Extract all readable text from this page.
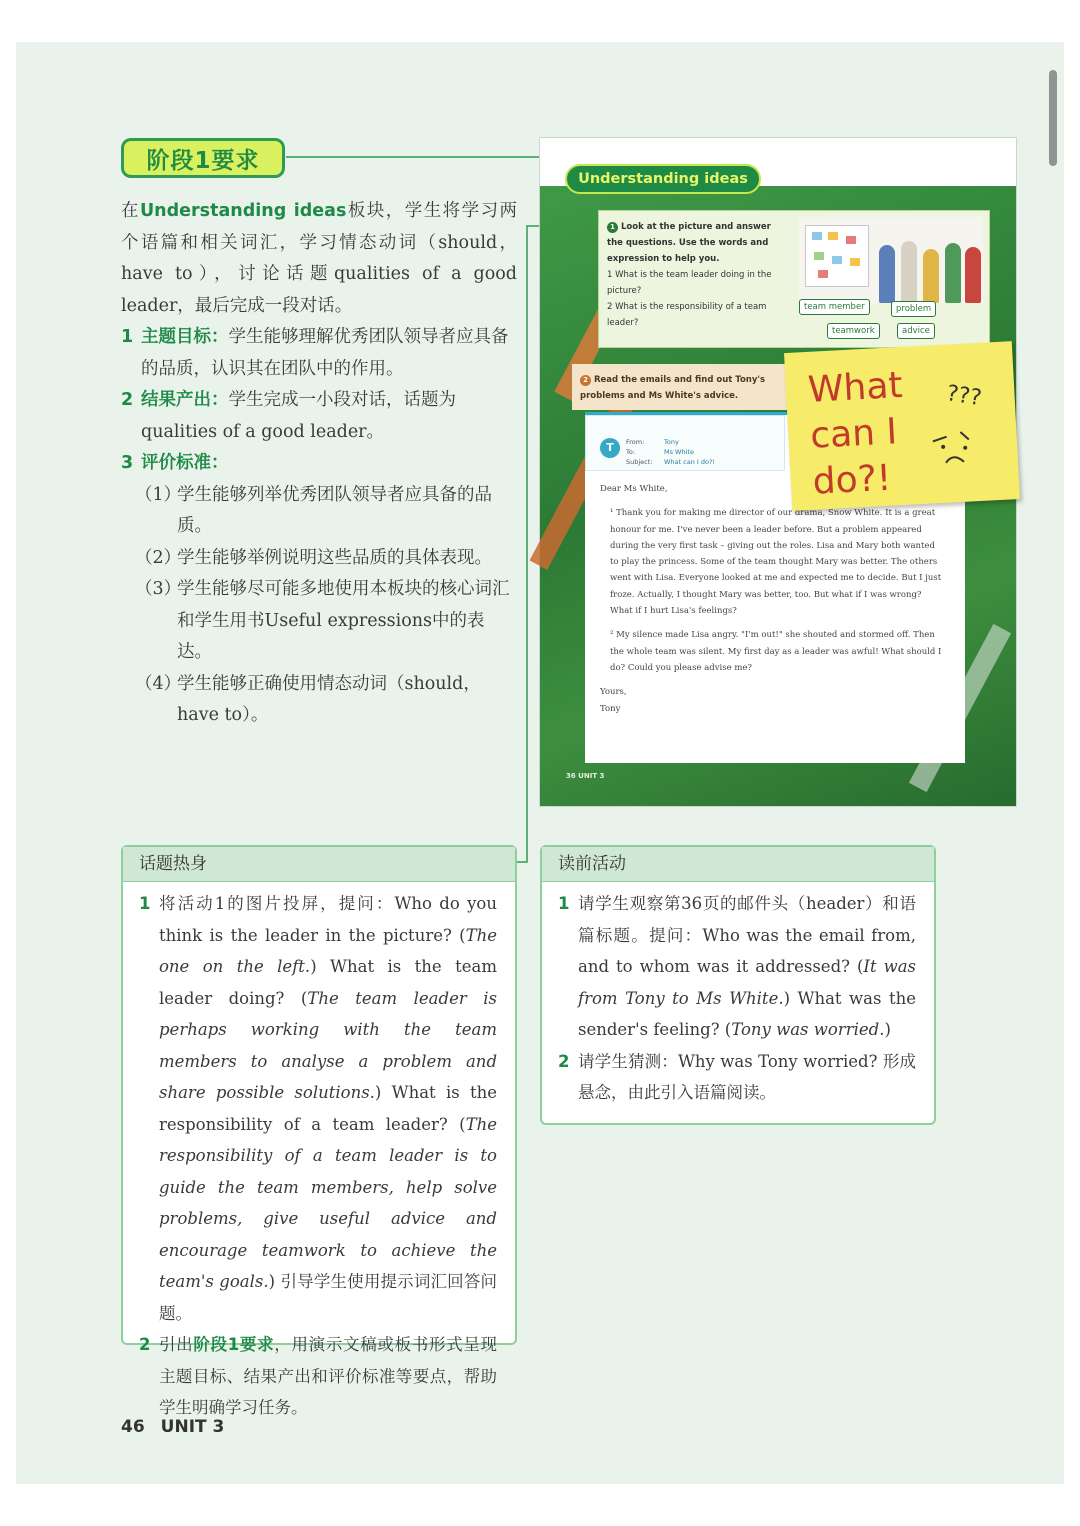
阶段1要求

在Understanding ideas板块，学生将学习两个语篇和相关词汇，学习情态动词（should，have to），讨论话题qualities of a good leader，最后完成一段对话。

1 主题目标：学生能够理解优秀团队领导者应具备的品质，认识其在团队中的作用。
2 结果产出：学生完成一小段对话，话题为qualities of a good leader。
3 评价标准：
（1）
学生能够列举优秀团队领导者应具备的品质。
（2）
学生能够举例说明这些品质的具体表现。
（3）
学生能够尽可能多地使用本板块的核心词汇和学生用书Useful expressions中的表达。
（4）
学生能够正确使用情态动词（should，have to）。
Understanding ideas
1 Look at the picture and answer the questions. Use the words and expression to help you.
1 What is the team leader doing in the picture?
2 What is the responsibility of a team leader?
team member	problem
teamwork	advice
2 Read the emails and find out Tony's
problems and Ms White's advice.
T	From:	Tony
To:	Ms White
Subject: What can I do?!

Dear Ms White,

¹ Thank you for making me director of our drama, Snow White. It is a great honour for me. I've never been a leader before. But a problem appeared during the very first task – giving out the roles. Lisa and Mary both wanted to play the princess. Some of the team thought Mary was better. The others went with Lisa. Everyone looked at me and expected me to decide. But I just froze. Actually, I thought Mary was better, too. But what if I was wrong? What if I hurt Lisa's feelings?

² My silence made Lisa angry. "I'm out!" she shouted and stormed off. Then the whole team was silent. My first day as a leader was awful! What should I do? Could you please advise me?

Yours,

Tony

36 UNIT 3
What
can I
do?!
???
话题热身
1 将活动1的图片投屏，提问：Who do you think is the leader in the picture? (The one on the left.) What is the team leader doing? (The team leader is perhaps working with the team members to analyse a problem and share possible solutions.) What is the responsibility of a team leader? (The responsibility of a team leader is to guide the team members, help solve problems, give useful advice and encourage teamwork to achieve the team's goals.) 引导学生使用提示词汇回答问题。
2 引出阶段1要求，用演示文稿或板书形式呈现主题目标、结果产出和评价标准等要点，帮助学生明确学习任务。
读前活动
1 请学生观察第36页的邮件头（header）和语篇标题。提问：Who was the email from, and to whom was it addressed? (It was from Tony to Ms White.) What was the sender's feeling? (Tony was worried.)
2 请学生猜测：Why was Tony worried? 形成悬念，由此引入语篇阅读。
46 UNIT 3
